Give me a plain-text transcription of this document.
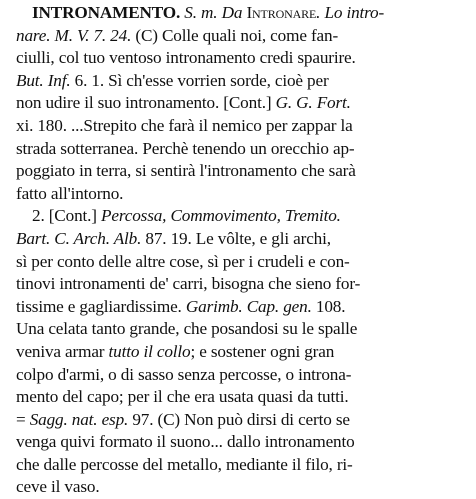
INTRONAMENTO. S. m. Da Intronare. Lo intro-
nare. M. V. 7. 24. (C) Colle quali noi, come fan-
ciulli, col tuo ventoso intronamento credi spaurire.
But. Inf. 6. 1. Sì ch'esse vorrien sorde, cioè per
non udire il suo intronamento. [Cont.] G. G. Fort.
xi. 180. ...Strepito che farà il nemico per zappar la
strada sotterranea. Perchè tenendo un orecchio ap-
poggiato in terra, si sentirà l'intronamento che sarà
fatto all'intorno.
2. [Cont.] Percossa, Commovimento, Tremito.
Bart. C. Arch. Alb. 87. 19. Le vôlte, e gli archi,
sì per conto delle altre cose, sì per i crudeli e con-
tinovi intronamenti de' carri, bisogna che sieno for-
tissime e gagliardissime. Garimb. Cap. gen. 108.
Una celata tanto grande, che posandosi su le spalle
veniva armar tutto il collo; e sostener ogni gran
colpo d'armi, o di sasso senza percosse, o introna-
mento del capo; per il che era usata quasi da tutti.
= Sagg. nat. esp. 97. (C) Non può dirsi di certo se
venga quivi formato il suono... dallo intronamento
che dalle percosse del metallo, mediante il filo, ri-
ceve il vaso.
